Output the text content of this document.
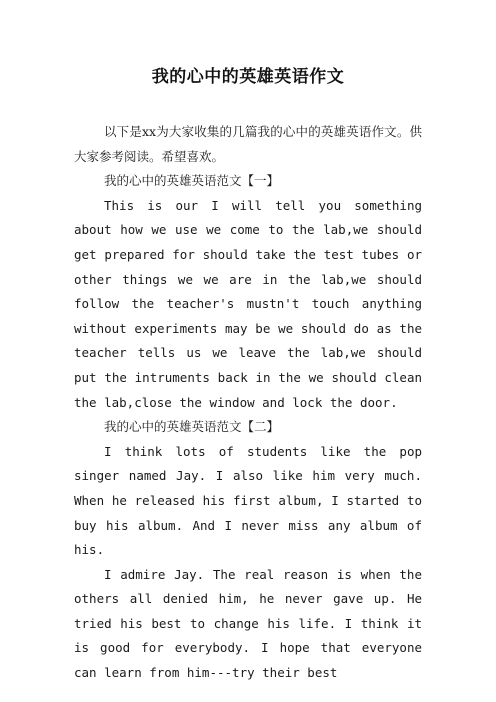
我的心中的英雄英语作文

以下是xx为大家收集的几篇我的心中的英雄英语作文。供大家参考阅读。希望喜欢。

我的心中的英雄英语范文【一】

This is our I will tell you something about how we use we come to the lab,we should get prepared for should take the test tubes or other things we we are in the lab,we should follow the teacher's mustn't touch anything without experiments may be we should do as the teacher tells us we leave the lab,we should put the intruments back in the we should clean the lab,close the window and lock the door.

我的心中的英雄英语范文【二】

I think lots of students like the pop singer named Jay. I also like him very much. When he released his first album, I started to buy his album. And I never miss any album of his.

I admire Jay. The real reason is when the others all denied him, he never gave up. He tried his best to change his life. I think it is good for everybody. I hope that everyone can learn from him---try their best
